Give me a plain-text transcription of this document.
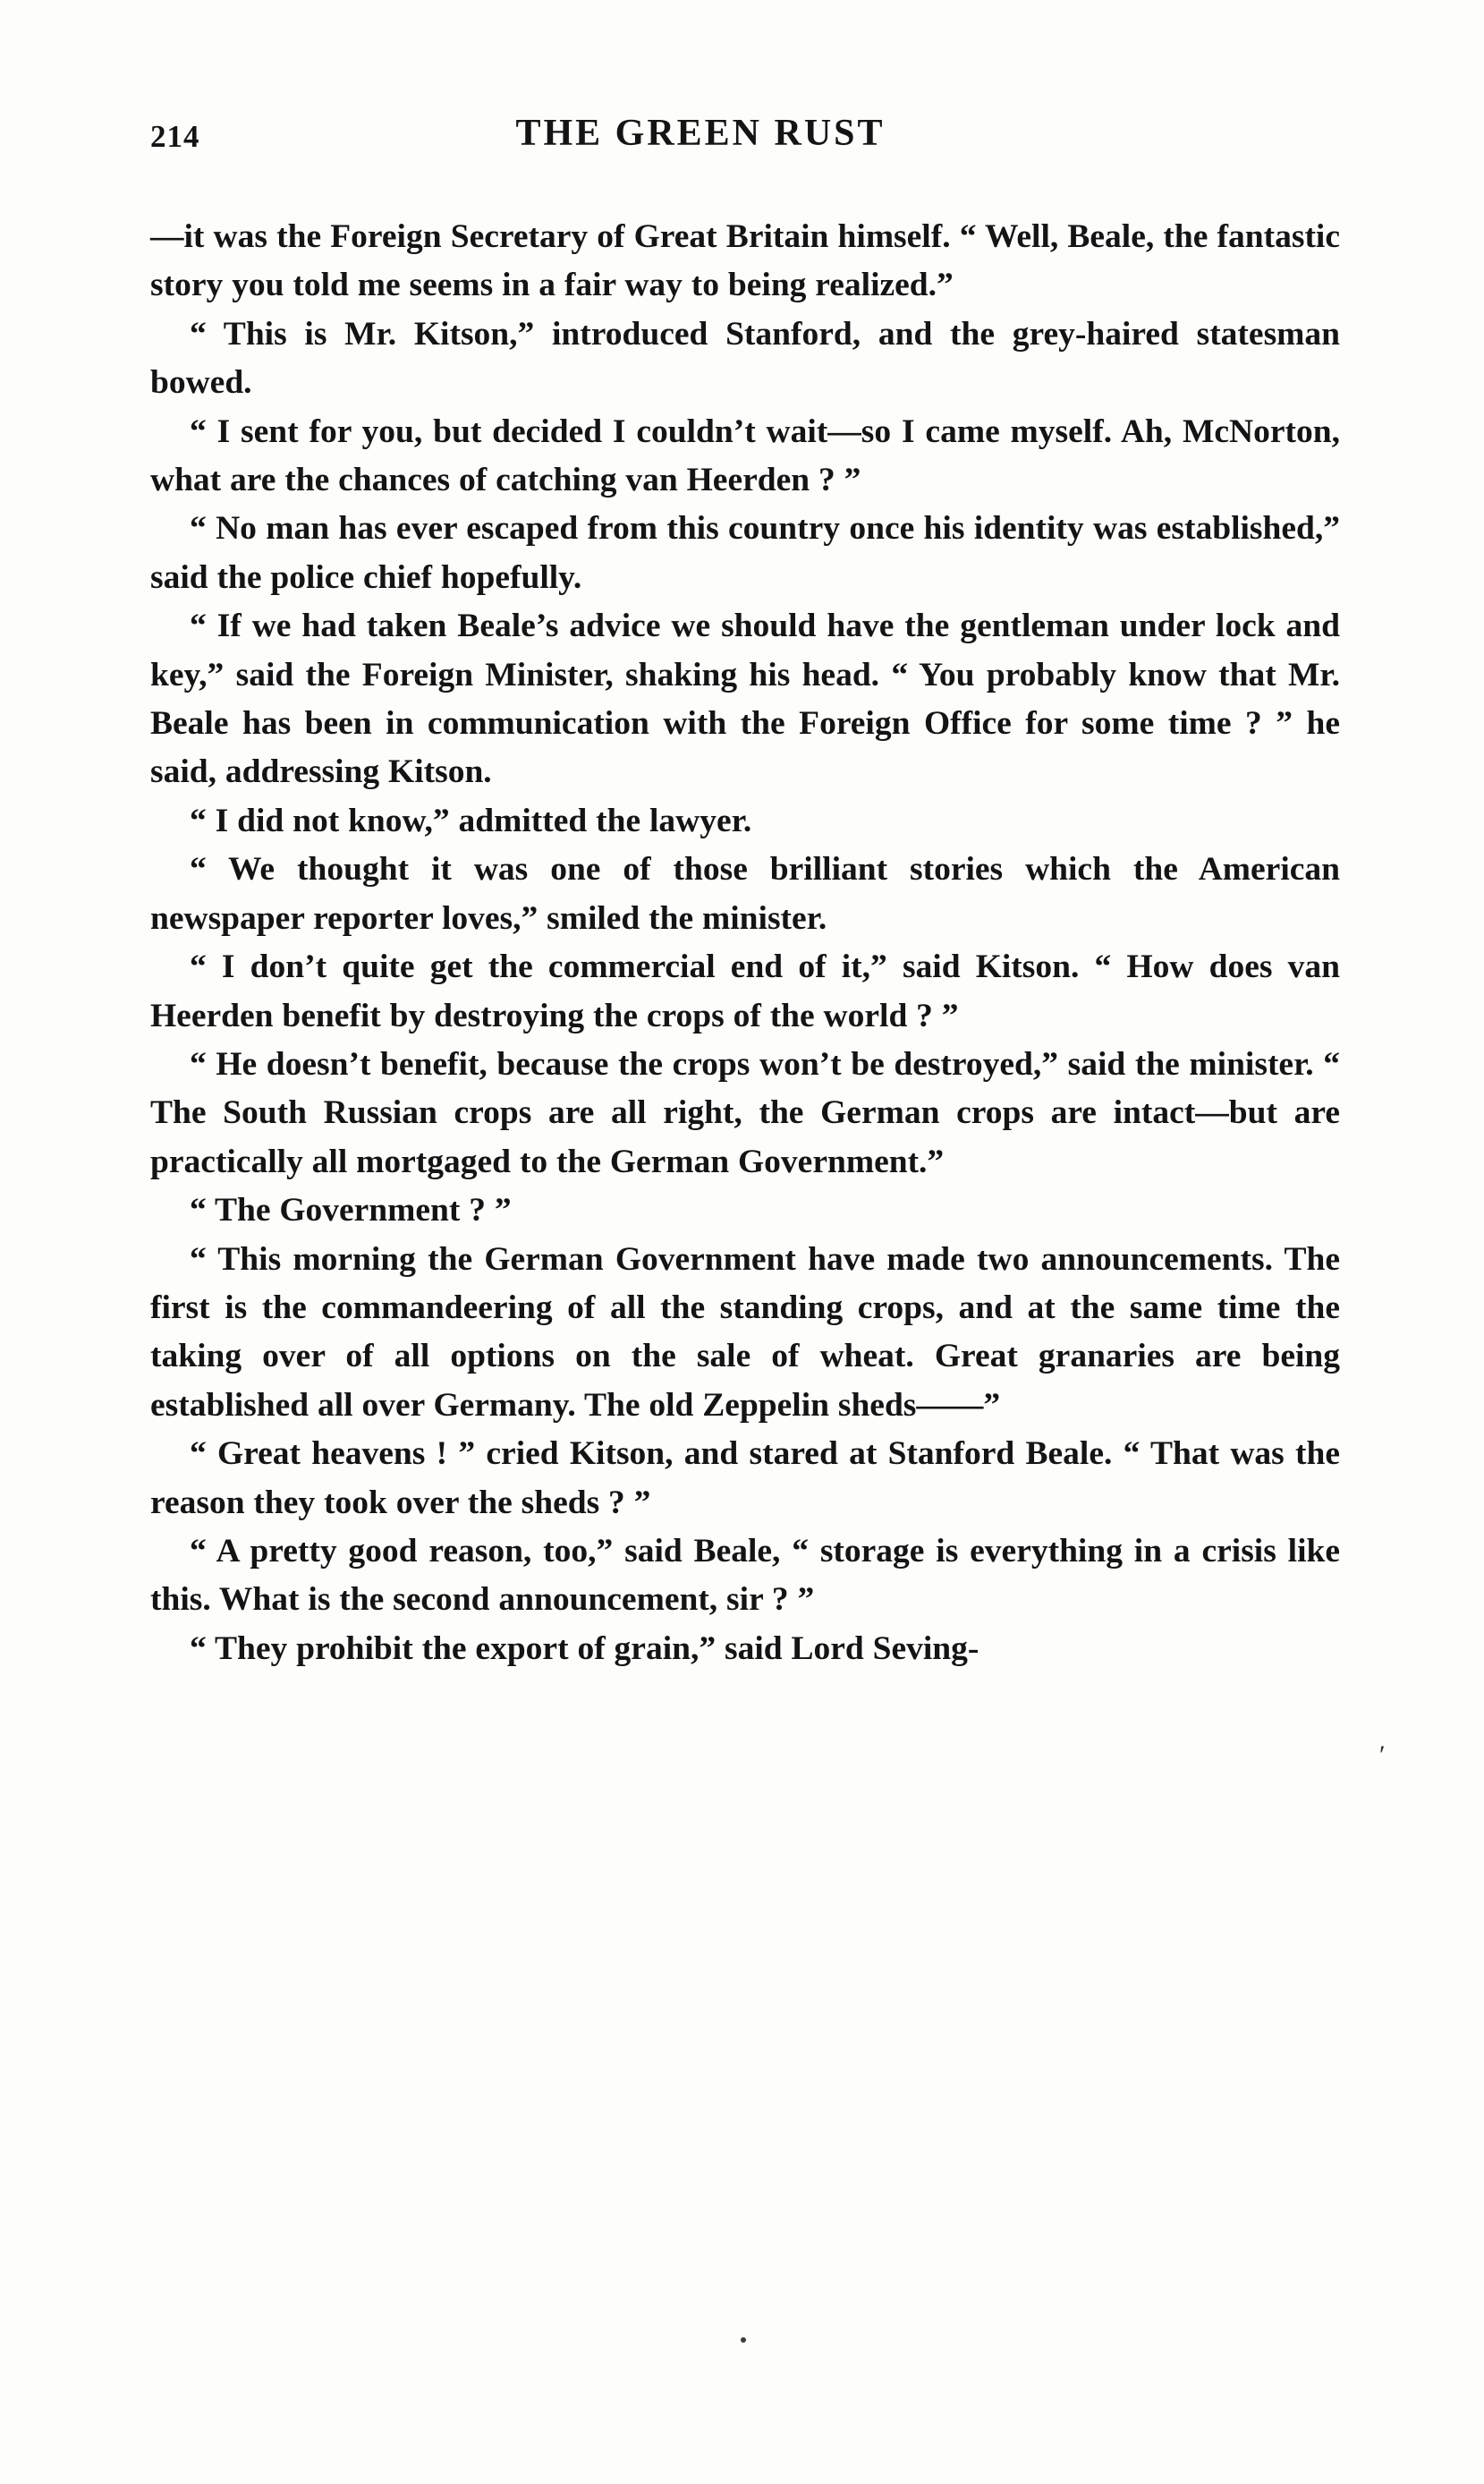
214	THE GREEN RUST

—it was the Foreign Secretary of Great Britain himself. “ Well, Beale, the fantastic story you told me seems in a fair way to being realized.”

“ This is Mr. Kitson,” introduced Stanford, and the grey-haired statesman bowed.

“ I sent for you, but decided I couldn’t wait—so I came myself. Ah, McNorton, what are the chances of catching van Heerden ? ”

“ No man has ever escaped from this country once his identity was established,” said the police chief hopefully.

“ If we had taken Beale’s advice we should have the gentleman under lock and key,” said the Foreign Minister, shaking his head. “ You probably know that Mr. Beale has been in communication with the Foreign Office for some time ? ” he said, addressing Kitson.

“ I did not know,” admitted the lawyer.

“ We thought it was one of those brilliant stories which the American newspaper reporter loves,” smiled the minister.

“ I don’t quite get the commercial end of it,” said Kitson. “ How does van Heerden benefit by destroying the crops of the world ? ”

“ He doesn’t benefit, because the crops won’t be destroyed,” said the minister. “ The South Russian crops are all right, the German crops are intact—but are practically all mortgaged to the German Government.”

“ The Government ? ”

“ This morning the German Government have made two announcements. The first is the commandeering of all the standing crops, and at the same time the taking over of all options on the sale of wheat. Great granaries are being established all over Germany. The old Zeppelin sheds——”

“ Great heavens ! ” cried Kitson, and stared at Stanford Beale. “ That was the reason they took over the sheds ? ”

“ A pretty good reason, too,” said Beale, “ storage is everything in a crisis like this. What is the second announcement, sir ? ”

“ They prohibit the export of grain,” said Lord Seving-

′
